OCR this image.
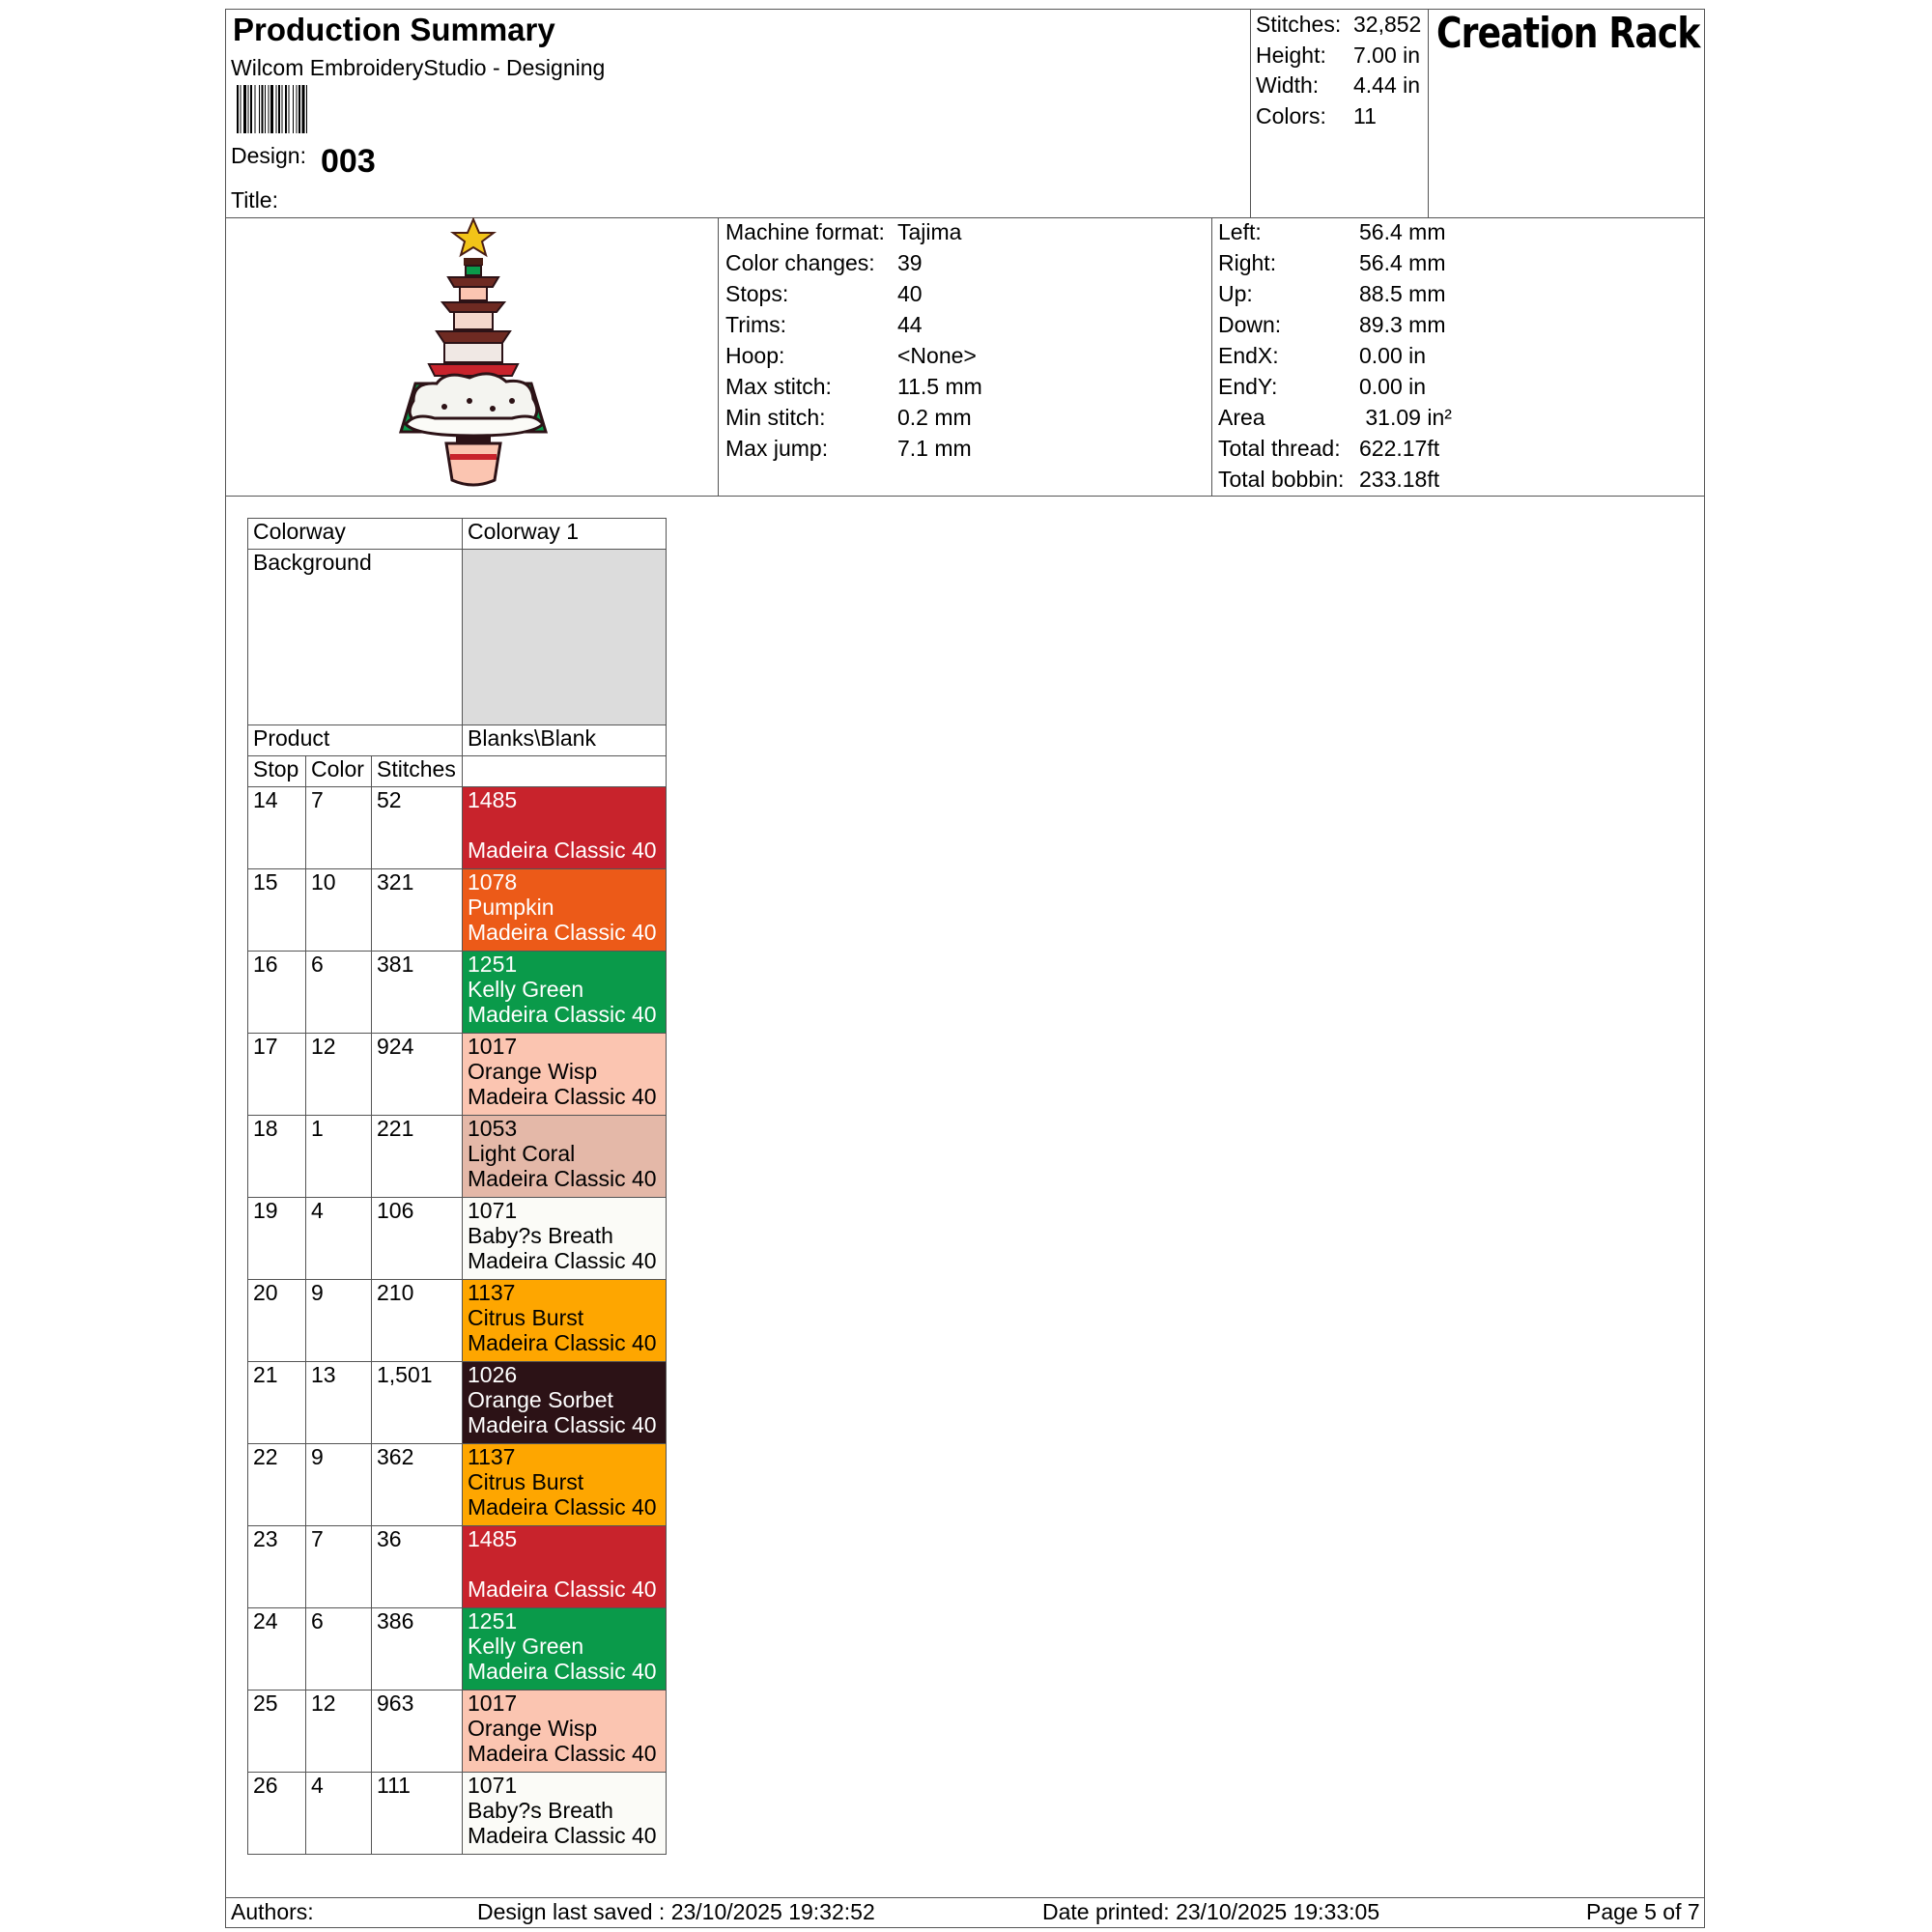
Production Summary
Wilcom EmbroideryStudio - Designing
Design: 003
Title:
Stitches: 32,852
Height: 7.00 in
Width: 4.44 in
Colors: 11
Creation Rack
Machine format: Tajima
Color changes: 39
Stops:	40
Trims:	44
Hoop:	<None>
Max stitch:	11.5 mm
Min stitch:	0.2 mm
Max jump:	7.1 mm
Left:	56.4 mm
Right:	56.4 mm
Up:	88.5 mm
Down:	89.3 mm
EndX:	0.00 in
EndY:	0.00 in
Area	31.09 in²
Total thread: 622.17ft
Total bobbin: 233.18ft
Colorway			Colorway 1
Background			
Product			Blanks\Blank
Stop	Color	Stitches	
14	7	52	1485
Madeira Classic 40

15	10	321	1078
Pumpkin
Madeira Classic 40

16	6	381	1251
Kelly Green
Madeira Classic 40

17	12	924	1017
Orange Wisp
Madeira Classic 40

18	1	221	1053
Light Coral
Madeira Classic 40

19	4	106	1071
Baby?s Breath
Madeira Classic 40

20	9	210	1137
Citrus Burst
Madeira Classic 40

21	13	1,501	1026
Orange Sorbet
Madeira Classic 40

22	9	362	1137
Citrus Burst
Madeira Classic 40

23	7	36	1485
Madeira Classic 40

24	6	386	1251
Kelly Green
Madeira Classic 40

25	12	963	1017
Orange Wisp
Madeira Classic 40

26	4	111	1071
Baby?s Breath
Madeira Classic 40
Authors:	Design last saved : 23/10/2025 19:32:52	Date printed: 23/10/2025 19:33:05	Page 5 of 7
